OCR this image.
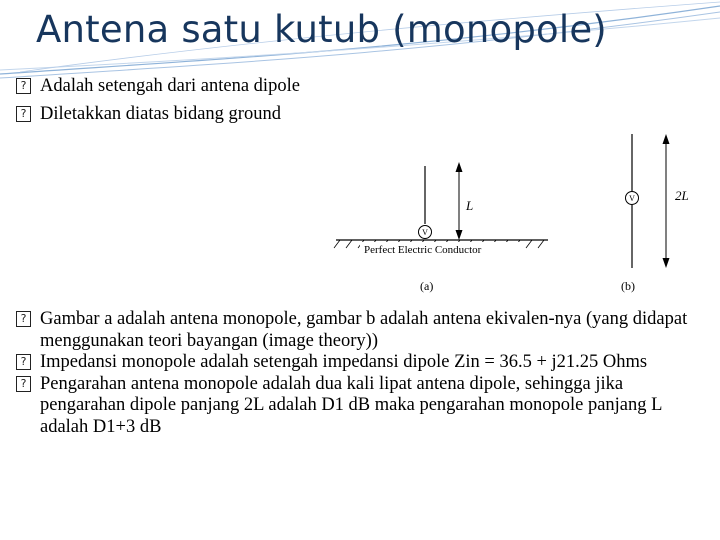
Antena satu kutub (monopole)
? Adalah setengah dari antena dipole
? Diletakkan diatas bidang ground
V
L
Perfect Electric Conductor
(a)
V	2L
(b)
? Gambar a adalah antena monopole, gambar b adalah antena ekivalen-nya (yang didapat menggunakan teori bayangan (image theory))
? Impedansi monopole adalah setengah impedansi dipole Zin = 36.5 + j21.25 Ohms
? Pengarahan antena monopole adalah dua kali lipat antena dipole, sehingga jika pengarahan dipole panjang 2L adalah D1 dB maka pengarahan monopole panjang L adalah D1+3 dB
